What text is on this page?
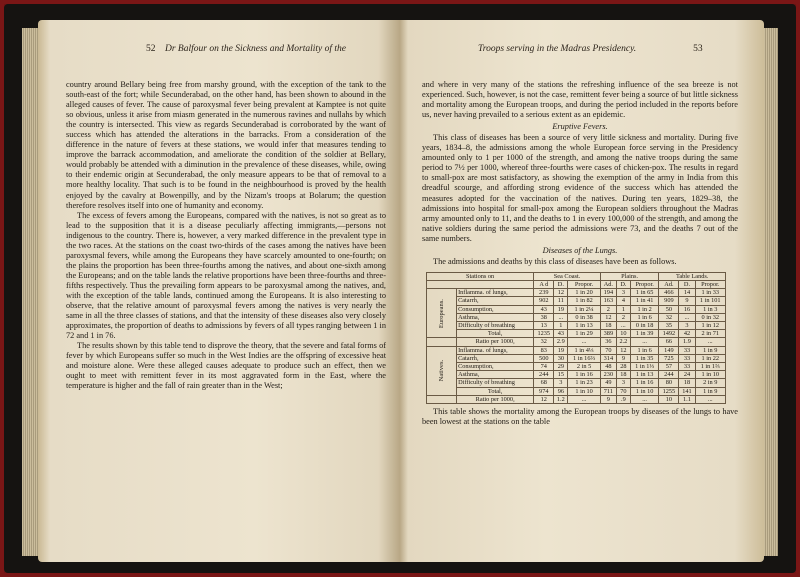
country around Bellary being free from marshy ground, with the exception of the tank to the south-east of the fort; while Secunderabad, on the other hand, has been shown to abound in the alleged causes of fever. The cause of paroxysmal fever being prevalent at Kamptee is not quite so obvious, unless it arise from miasm generated in the numerous ravines and nullahs by which the country is intersected. This view as regards Secunderabad is corroborated by the want of success which has attended the alterations in the barracks. From a consideration of the difference in the nature of fevers at these stations, we would infer that measures tending to improve the barrack accommodation, and ameliorate the condition of the soldier at Bellary, would probably be attended with a diminution in the prevalence of these diseases, while, owing to their endemic origin at Secunderabad, the only measure appears to be that of removal to a more healthy locality. That such is to be found in the neighbourhood is proved by the health enjoyed by the cavalry at Bowenpilly, and by the Nizam's troops at Bolarum; the question therefore resolves itself into one of humanity and economy.

The excess of fevers among the Europeans, compared with the natives, is not so great as to lead to the supposition that it is a disease peculiarly affecting immigrants,—persons not indigenous to the country. There is, however, a very marked difference in the prevalent type in the two races. At the stations on the coast two-thirds of the cases among the natives have been paroxysmal fevers, while among the Europeans they have scarcely amounted to one-fourth; on the plains the proportion has been three-fourths among the natives, and about one-sixth among the Europeans; and on the table lands the relative proportions have been three-fourths and three-fifths respectively. Thus the prevailing form appears to be paroxysmal among the natives, and, with the exception of the table lands, continued among the Europeans. It is also interesting to observe, that the relative amount of paroxysmal fevers among the natives is very nearly the same in all the three classes of stations, and that the intensity of these diseases also very closely approximates, the proportion of deaths to admissions by fevers of all types ranging between 1 in 72 and 1 in 76.

The results shown by this table tend to disprove the theory, that the severe and fatal forms of fever by which Europeans suffer so much in the West Indies are the offspring of excessive heat and moisture alone. Were these alleged causes adequate to produce such an effect, then we ought to meet with remittent fever in its most aggravated form in the East, where the temperature is higher and the fall of rain greater than in the West;

52 Dr Balfour on the Sickness and Mortality of the

and where in very many of the stations the refreshing influence of the sea breeze is not experienced. Such, however, is not the case, remittent fever being a source of but little sickness and mortality among the European troops, and during the period included in the reports before us, never having prevailed to a serious extent as an epidemic.

Eruptive Fevers.

This class of diseases has been a source of very little sickness and mortality. During five years, 1834–8, the admissions among the whole European force serving in the Presidency amounted only to 1 per 1000 of the strength, and among the native troops during the same period to 7½ per 1000, whereof three-fourths were cases of chicken-pox. The results in regard to small-pox are most satisfactory, as showing the exemption of the army in India from this dreadful scourge, and affording strong evidence of the success which has attended the measures adopted for the vaccination of the natives. During ten years, 1829–38, the admissions into hospital for small-pox among the European soldiers throughout the Madras army amounted only to 11, and the deaths to 1 in every 100,000 of the strength, and among the native soldiers during the same period the admissions were 73, and the deaths 7 out of the same numbers.

Diseases of the Lungs.

The admissions and deaths by this class of diseases have been as follows.

Stations on		Sea Coast.			Plains.			Table Lands.		
		A d	D.	Propor.	Ad.	D.	Propor.	Ad.	D.	Propor.

Europeans.	Inflamma. of lungs,	239	12	1 in 20	194	3	1 in 65	466	14	1 in 33
	Catarrh,	902	11	1 in 82	163	4	1 in 41	909	9	1 in 101
	Consumption,	43	19	1 in 2¼	2	1	1 in 2	50	16	1 in 3
	Asthma,	38	...	0 in 38	12	2	1 in 6	32	...	0 in 32
	Difficulty of breathing	13	1	1 in 13	18	...	0 in 18	35	3	1 in 12
	Total,	1235	43	1 in 29	389	10	1 in 39	1492	42	2 in 71
	Ratio per 1000,	32	2.9	...	36	2.2	...	66	1.9	...

Natives.	Inflamma. of lungs,	83	19	1 in 4⅓	70	12	1 in 6	149	33	1 in 9
	Catarrh,	500	30	1 in 16⅔	314	9	1 in 35	725	33	1 in 22
	Consumption,	74	29	2 in 5	48	28	1 in 1⅓	57	33	1 in 1⅔
	Asthma,	244	15	1 in 16	230	18	1 in 13	244	24	1 in 10
	Difficulty of breathing	68	3	1 in 23	49	3	1 in 16	80	18	2 in 9
	Total,	974	96	1 in 10	711	70	1 in 10	1255	141	1 in 9
	Ratio per 1000,	12	1.2	...	9	.9	...	10	1.1	...

This table shows the mortality among the European troops by diseases of the lungs to have been lowest at the stations on the table

Troops serving in the Madras Presidency.	53
